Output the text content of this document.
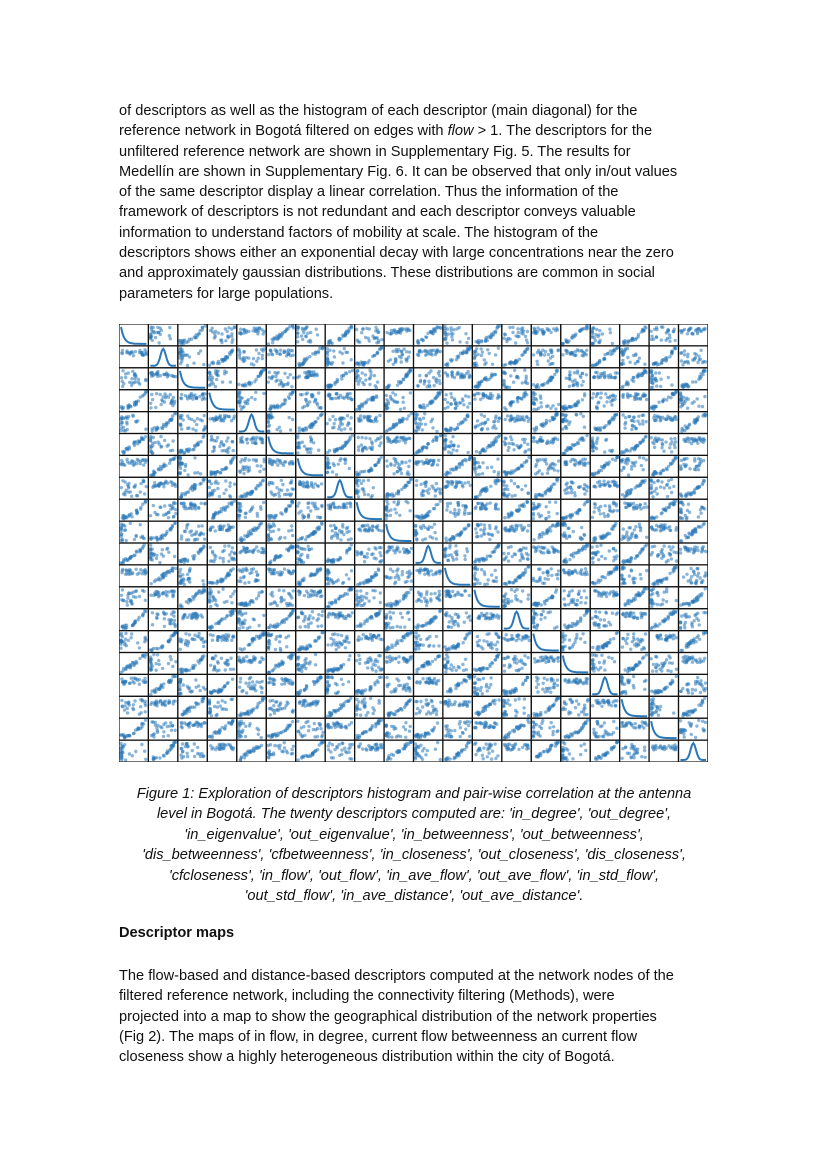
of descriptors as well as the histogram of each descriptor (main diagonal) for the
reference network in Bogotá filtered on edges with flow > 1. The descriptors for the
unfiltered reference network are shown in Supplementary Fig. 5. The results for
Medellín are shown in Supplementary Fig. 6. It can be observed that only in/out values
of the same descriptor display a linear correlation. Thus the information of the
framework of descriptors is not redundant and each descriptor conveys valuable
information to understand factors of mobility at scale. The histogram of the
descriptors shows either an exponential decay with large concentrations near the zero
and approximately gaussian distributions. These distributions are common in social
parameters for large populations.
Figure 1: Exploration of descriptors histogram and pair-wise correlation at the antenna
level in Bogotá. The twenty descriptors computed are: 'in_degree', 'out_degree',
'in_eigenvalue', 'out_eigenvalue', 'in_betweenness', 'out_betweenness',
'dis_betweenness', 'cfbetweenness', 'in_closeness', 'out_closeness', 'dis_closeness',
'cfcloseness', 'in_flow', 'out_flow', 'in_ave_flow', 'out_ave_flow', 'in_std_flow',
'out_std_flow', 'in_ave_distance', 'out_ave_distance'.
Descriptor maps
The flow-based and distance-based descriptors computed at the network nodes of the
filtered reference network, including the connectivity filtering (Methods), were
projected into a map to show the geographical distribution of the network properties
(Fig 2). The maps of in flow, in degree, current flow betweenness an current flow
closeness show a highly heterogeneous distribution within the city of Bogotá.
